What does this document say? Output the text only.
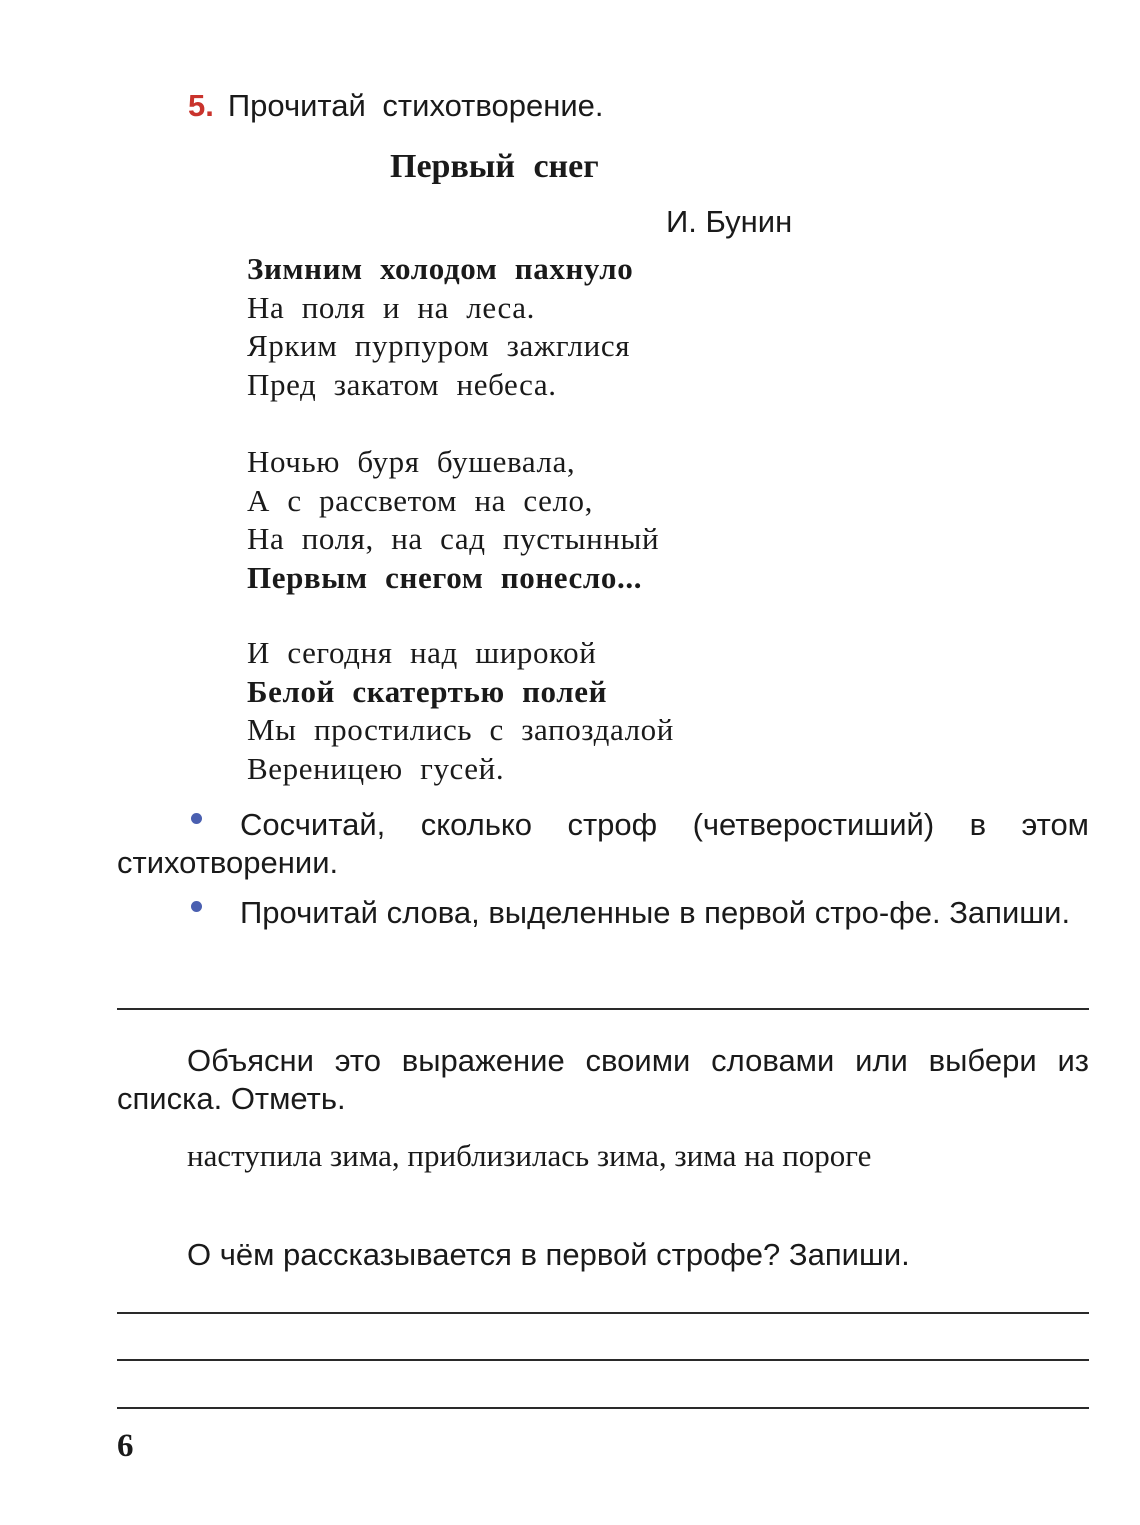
5. Прочитай стихотворение.
Первый снег
И. Бунин
Зимним холодом пахнуло
На поля и на леса.
Ярким пурпуром зажглися
Пред закатом небеса.
Ночью буря бушевала,
А с рассветом на село,
На поля, на сад пустынный
Первым снегом понесло...
И сегодня над широкой
Белой скатертью полей
Мы простились с запоздалой
Вереницею гусей.
Сосчитай, сколько строф (четверостиший) в этом стихотворении.
Прочитай слова, выделенные в первой стро-фе. Запиши.
Объясни это выражение своими словами или выбери из списка. Отметь.
наступила зима, приблизилась зима, зима на пороге
О чём рассказывается в первой строфе? Запиши.
6
